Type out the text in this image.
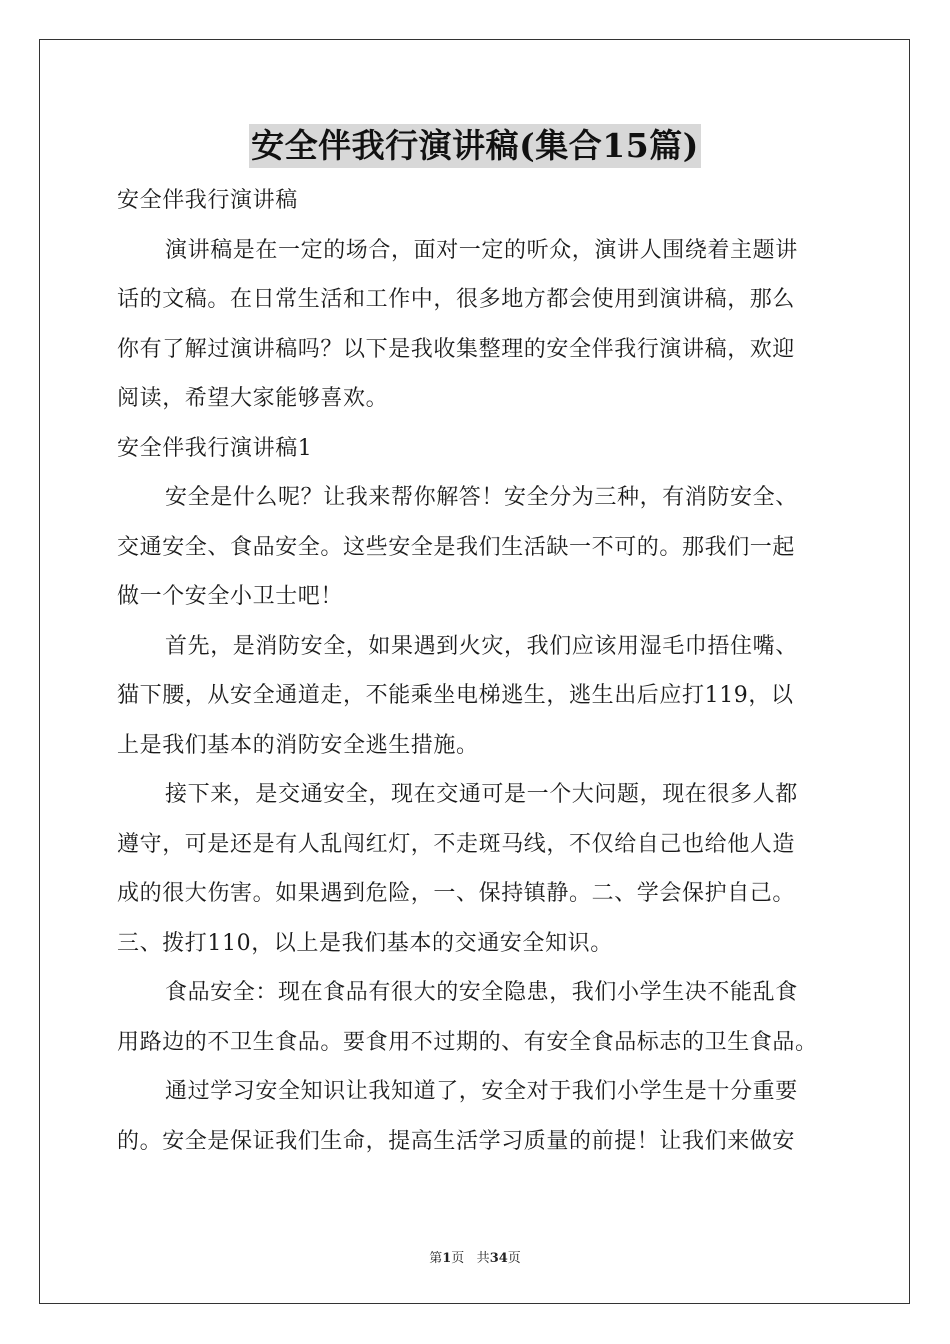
安全伴我行演讲稿(集合15篇)
安全伴我行演讲稿
演讲稿是在一定的场合，面对一定的听众，演讲人围绕着主题讲
话的文稿。在日常生活和工作中，很多地方都会使用到演讲稿，那么
你有了解过演讲稿吗？以下是我收集整理的安全伴我行演讲稿，欢迎
阅读，希望大家能够喜欢。
安全伴我行演讲稿1
安全是什么呢？让我来帮你解答！安全分为三种，有消防安全、
交通安全、食品安全。这些安全是我们生活缺一不可的。那我们一起
做一个安全小卫士吧！
首先，是消防安全，如果遇到火灾，我们应该用湿毛巾捂住嘴、
猫下腰，从安全通道走，不能乘坐电梯逃生，逃生出后应打119，以
上是我们基本的消防安全逃生措施。
接下来，是交通安全，现在交通可是一个大问题，现在很多人都
遵守，可是还是有人乱闯红灯，不走斑马线，不仅给自己也给他人造
成的很大伤害。如果遇到危险，一、保持镇静。二、学会保护自己。
三、拨打110，以上是我们基本的交通安全知识。
食品安全：现在食品有很大的安全隐患，我们小学生决不能乱食
用路边的不卫生食品。要食用不过期的、有安全食品标志的卫生食品。
通过学习安全知识让我知道了，安全对于我们小学生是十分重要
的。安全是保证我们生命，提高生活学习质量的前提！让我们来做安
第1页 共34页
